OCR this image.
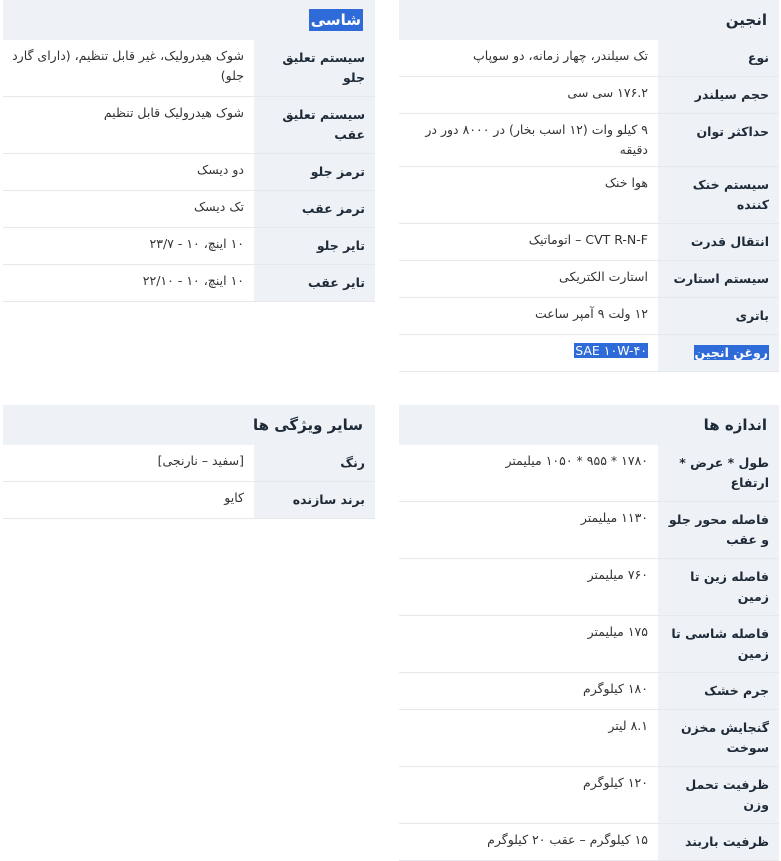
انجین
نوع	تک سیلندر، چهار زمانه، دو سوپاپ
حجم سیلندر	۱۷۶.۲ سی سی
حداکثر توان	۹ کیلو وات (۱۲ اسب بخار) در ۸۰۰۰ دور در دقیقه
سیستم خنک کننده	هوا خنک
انتقال قدرت	CVT R-N-F – اتوماتیک
سیستم استارت	استارت الکتریکی
باتری	۱۲ ولت ۹ آمپر ساعت
روغن انجین	SAE ۱۰W-۴۰
شاسی
سیستم تعلیق جلو	شوک هیدرولیک، غیر قابل تنظیم، (دارای گارد جلو)
سیستم تعلیق عقب	شوک هیدرولیک قابل تنظیم
ترمز جلو	دو دیسک
ترمز عقب	تک دیسک
تایر جلو	۱۰ اینچ، ۱۰ - ۲۳/۷
تایر عقب	۱۰ اینچ، ۱۰ - ۲۲/۱۰
اندازه ها
طول * عرض * ارتفاع	۱۷۸۰ * ۹۵۵ * ۱۰۵۰ میلیمتر
فاصله محور جلو و عقب	۱۱۳۰ میلیمتر
فاصله زین تا زمین	۷۶۰ میلیمتر
فاصله شاسی تا زمین	۱۷۵ میلیمتر
جرم خشک	۱۸۰ کیلوگرم
گنجایش مخزن سوخت	۸.۱ لیتر
ظرفیت تحمل وزن	۱۲۰ کیلوگرم
ظرفیت باربند	۱۵ کیلوگرم – عقب ۲۰ کیلوگرم
سایر ویژگی ها
رنگ	[سفید – نارنجی]
برند سازنده	کایو
